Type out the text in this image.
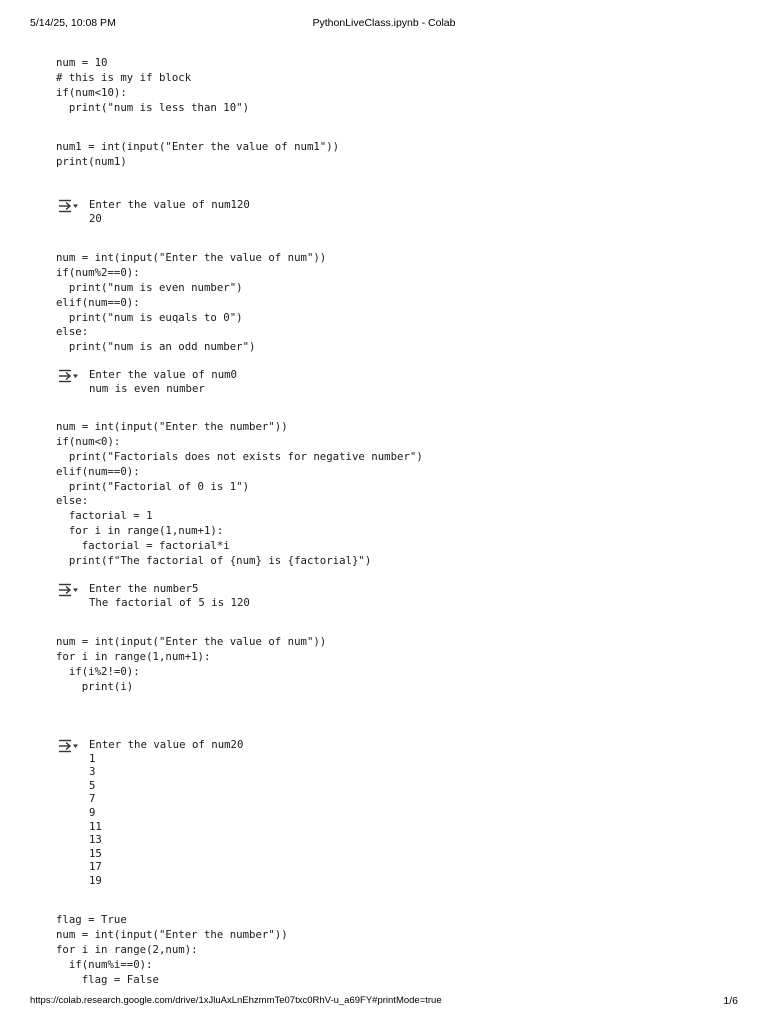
5/14/25, 10:08 PM	PythonLiveClass.ipynb - Colab
num = 10
# this is my if block
if(num<10):
print("num is less than 10")
num1 = int(input("Enter the value of num1"))
print(num1)
Enter the value of num120
20
num = int(input("Enter the value of num"))
if(num%2==0):
print("num is even number")
elif(num==0):
print("num is euqals to 0")
else:
print("num is an odd number")
Enter the value of num0
num is even number
num = int(input("Enter the number"))
if(num<0):
print("Factorials does not exists for negative number")
elif(num==0):
print("Factorial of 0 is 1")
else:
factorial = 1
for i in range(1,num+1):
factorial = factorial*i
print(f"The factorial of {num} is {factorial}")
Enter the number5
The factorial of 5 is 120
num = int(input("Enter the value of num"))
for i in range(1,num+1):
if(i%2!=0):
print(i)
Enter the value of num20
1
3
5
7
9
11
13
15
17
19
flag = True
num = int(input("Enter the number"))
for i in range(2,num):
if(num%i==0):
flag = False
https://colab.research.google.com/drive/1xJluAxLnEhzmmTe07txc0RhV-u_a69FY#printMode=true	1/6
